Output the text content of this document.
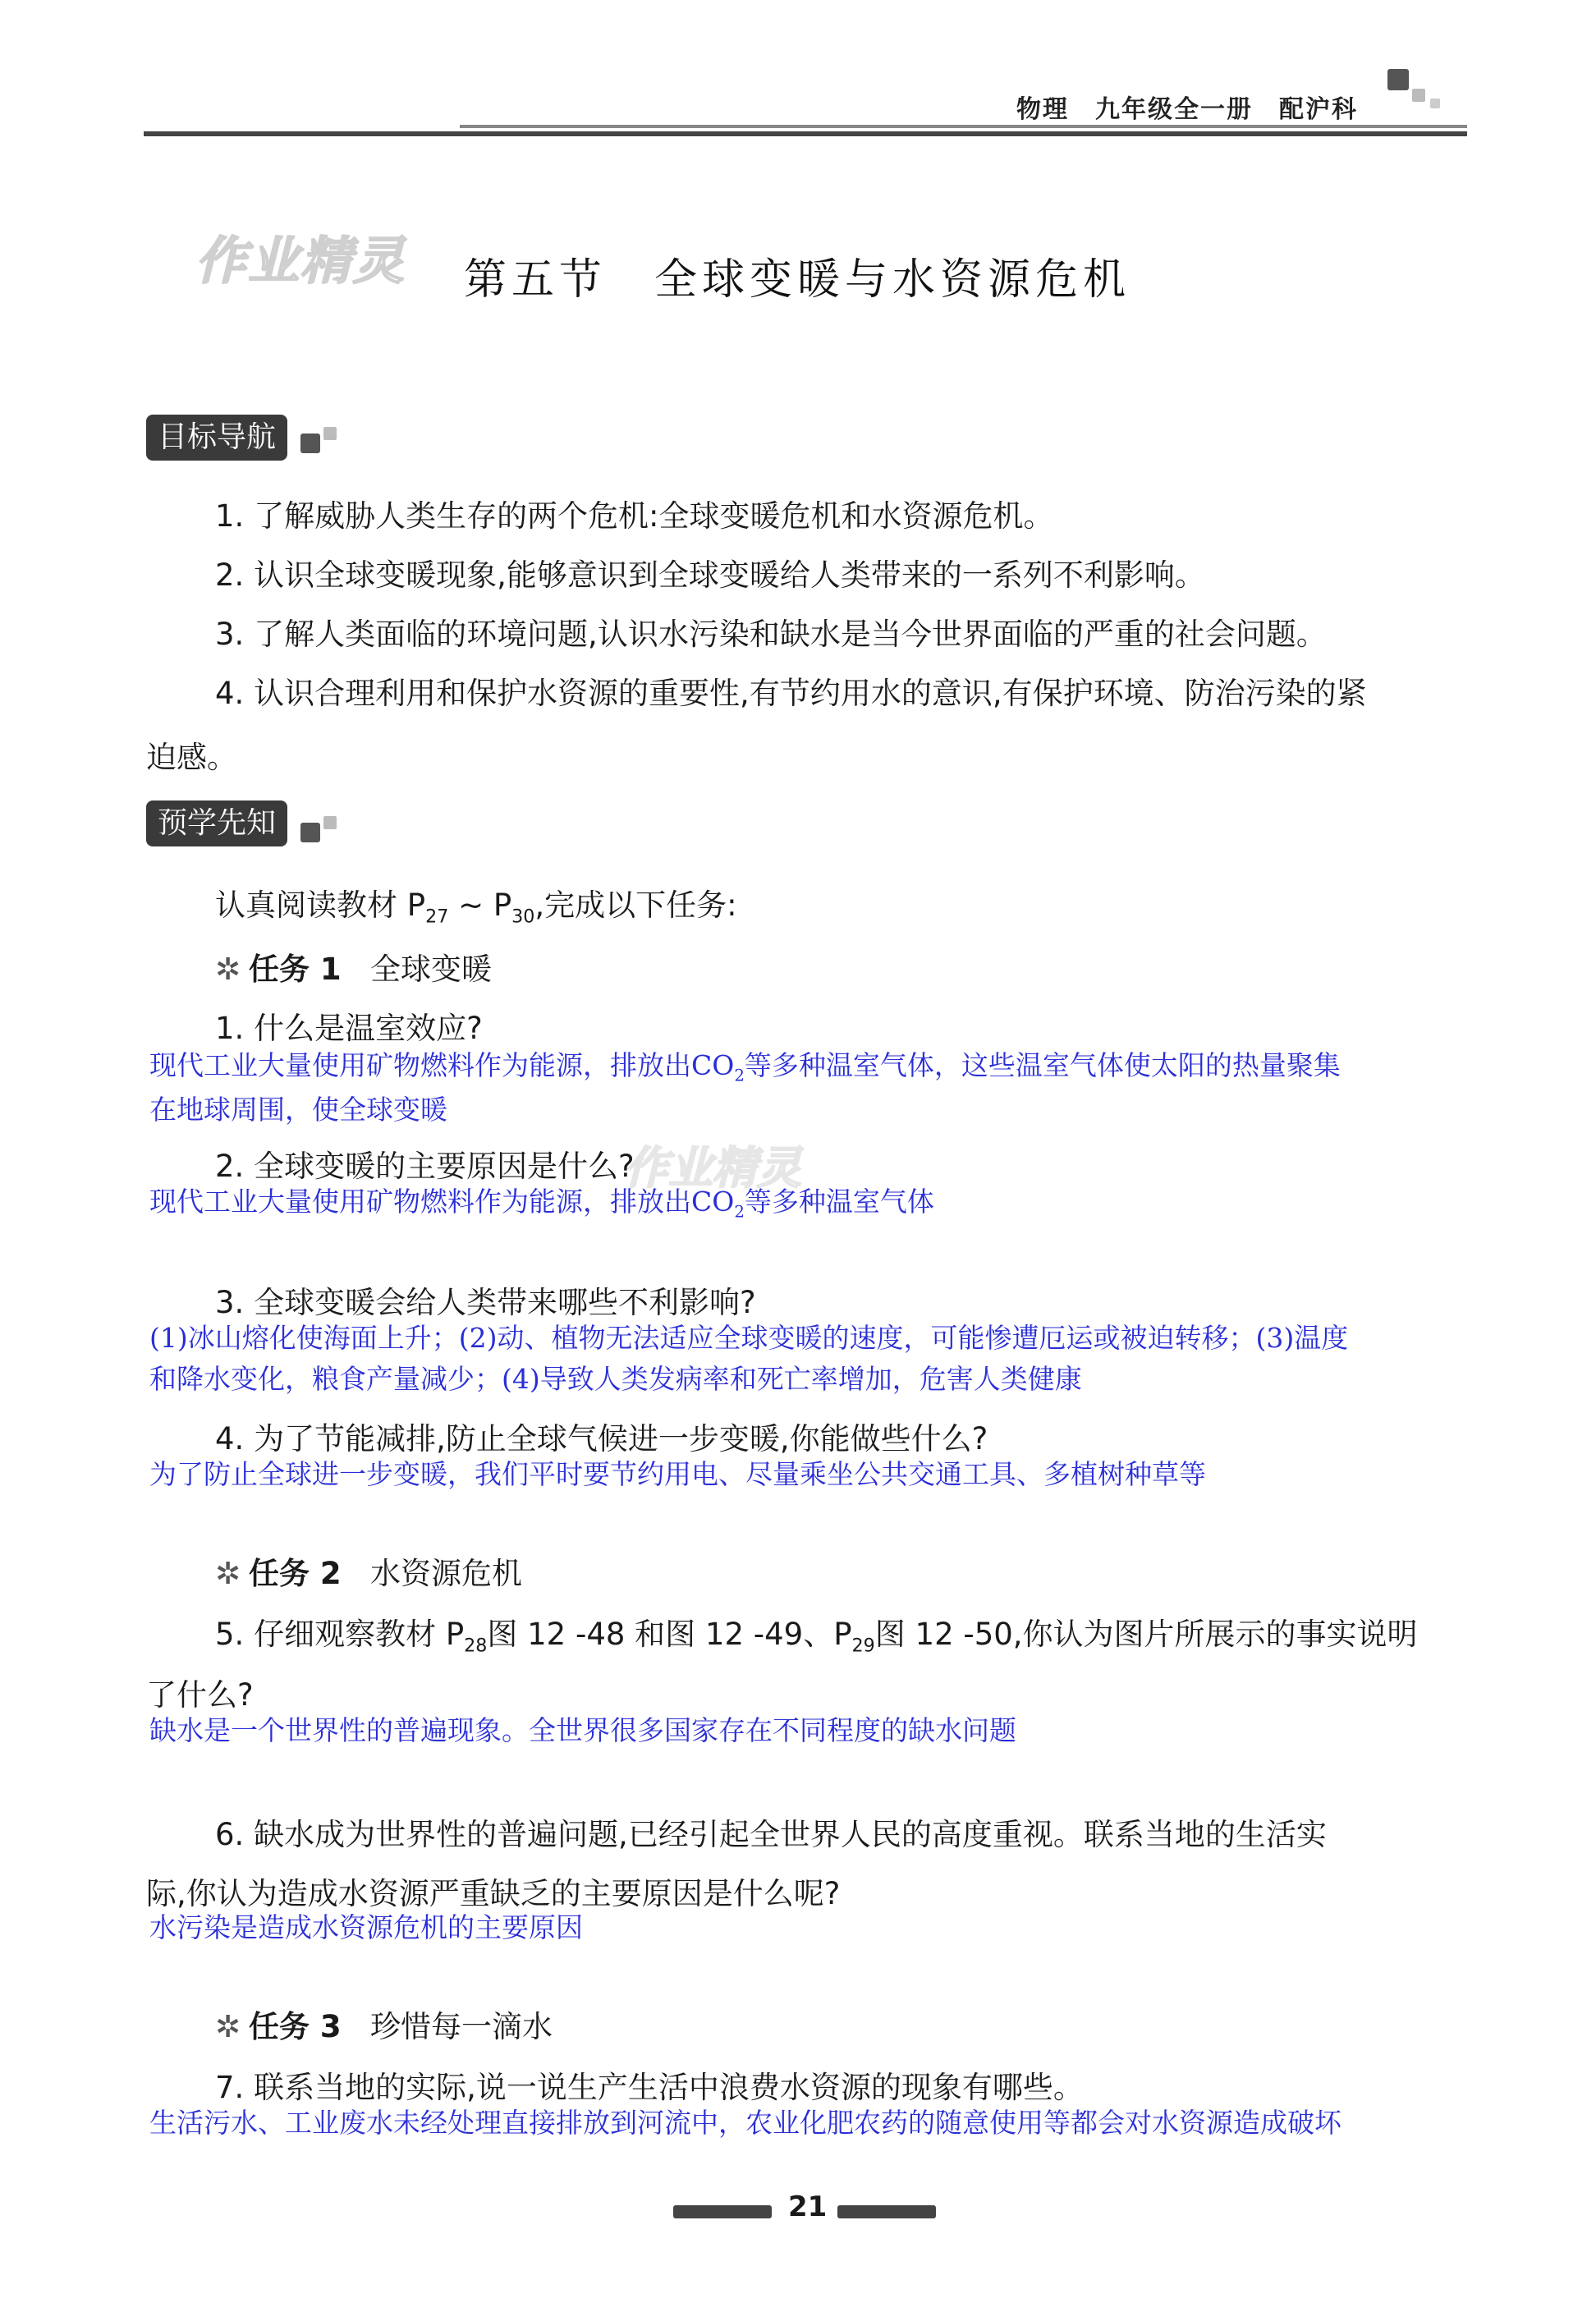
物理　九年级全一册　配沪科
作业精灵
作业精灵
第五节　全球变暖与水资源危机
目标导航
1. 了解威胁人类生存的两个危机:全球变暖危机和水资源危机。
2. 认识全球变暖现象,能够意识到全球变暖给人类带来的一系列不利影响。
3. 了解人类面临的环境问题,认识水污染和缺水是当今世界面临的严重的社会问题。
4. 认识合理利用和保护水资源的重要性,有节约用水的意识,有保护环境、防治污染的紧
迫感。
预学先知
认真阅读教材 $P_{27}$ ~ $P_{30}$,完成以下任务:
✲ 任务 1 全球变暖
1. 什么是温室效应?
现代工业大量使用矿物燃料作为能源，排放出$CO_2$等多种温室气体，这些温室气体使太阳的热量聚集
在地球周围，使全球变暖
2. 全球变暖的主要原因是什么?
现代工业大量使用矿物燃料作为能源，排放出$CO_2$等多种温室气体
3. 全球变暖会给人类带来哪些不利影响?
(1)冰山熔化使海面上升；(2)动、植物无法适应全球变暖的速度，可能惨遭厄运或被迫转移；(3)温度
和降水变化，粮食产量减少；(4)导致人类发病率和死亡率增加，危害人类健康
4. 为了节能减排,防止全球气候进一步变暖,你能做些什么?
为了防止全球进一步变暖，我们平时要节约用电、尽量乘坐公共交通工具、多植树种草等
✲ 任务 2 水资源危机
5. 仔细观察教材 $P_{28}$图 12 -48 和图 12 -49、$P_{29}$图 12 -50,你认为图片所展示的事实说明
了什么?
缺水是一个世界性的普遍现象。全世界很多国家存在不同程度的缺水问题
6. 缺水成为世界性的普遍问题,已经引起全世界人民的高度重视。联系当地的生活实
际,你认为造成水资源严重缺乏的主要原因是什么呢?
水污染是造成水资源危机的主要原因
✲ 任务 3 珍惜每一滴水
7. 联系当地的实际,说一说生产生活中浪费水资源的现象有哪些。
生活污水、工业废水未经处理直接排放到河流中，农业化肥农药的随意使用等都会对水资源造成破坏
21
